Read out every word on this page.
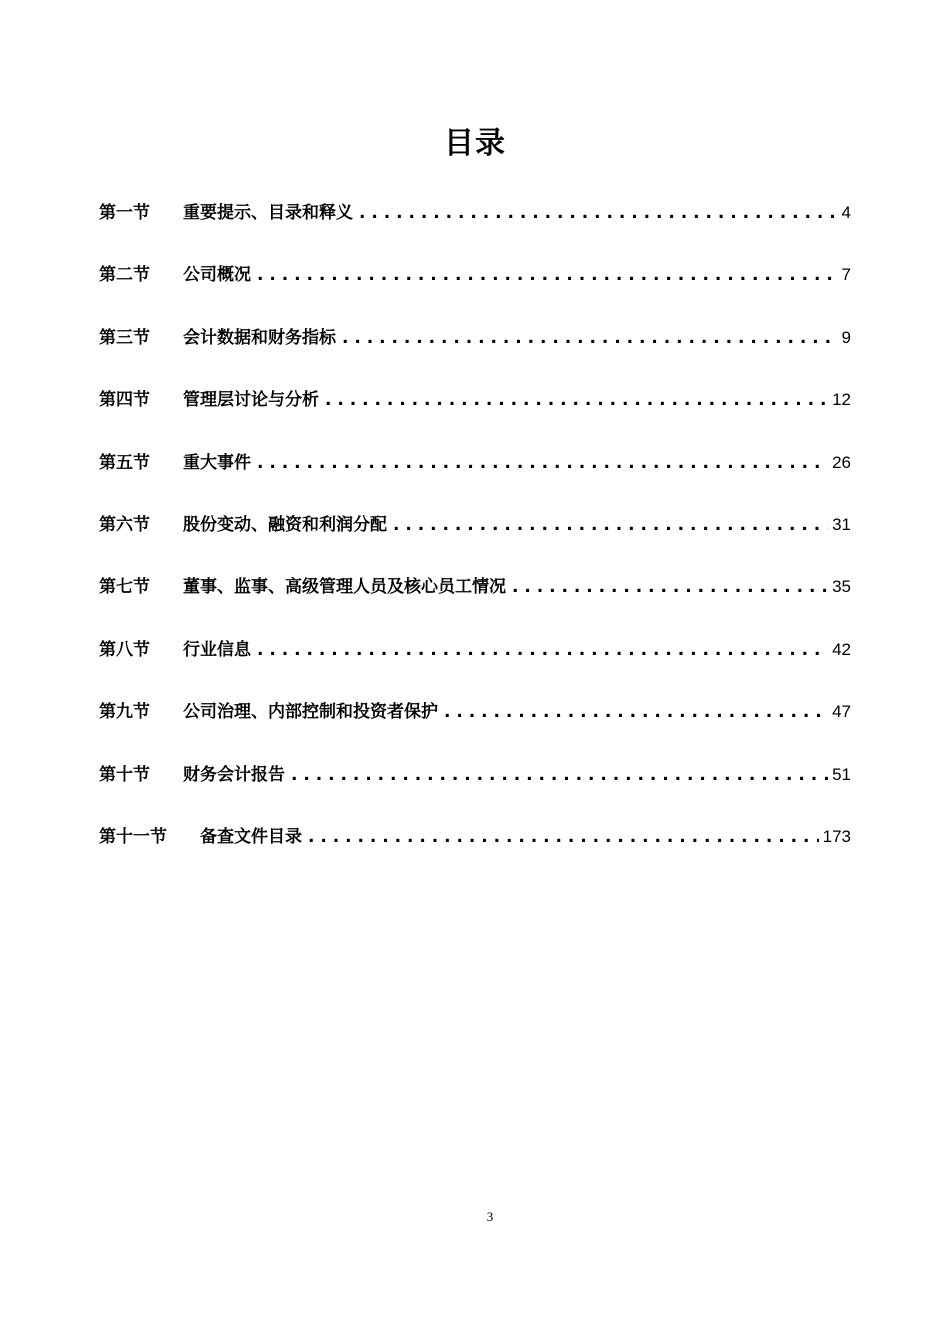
目录
第一节	重要提示、目录和释义 . . .	4
第二节	公司概况 . . .	7
第三节	会计数据和财务指标 . . .	9
第四节	管理层讨论与分析 . . .	12
第五节	重大事件 . . .	26
第六节	股份变动、融资和利润分配 . . .	31
第七节	董事、监事、高级管理人员及核心员工情况 . . .	35
第八节	行业信息 . . .	42
第九节	公司治理、内部控制和投资者保护 . . .	47
第十节	财务会计报告 . . .	51
第十一节	备查文件目录 . . .	173
3
